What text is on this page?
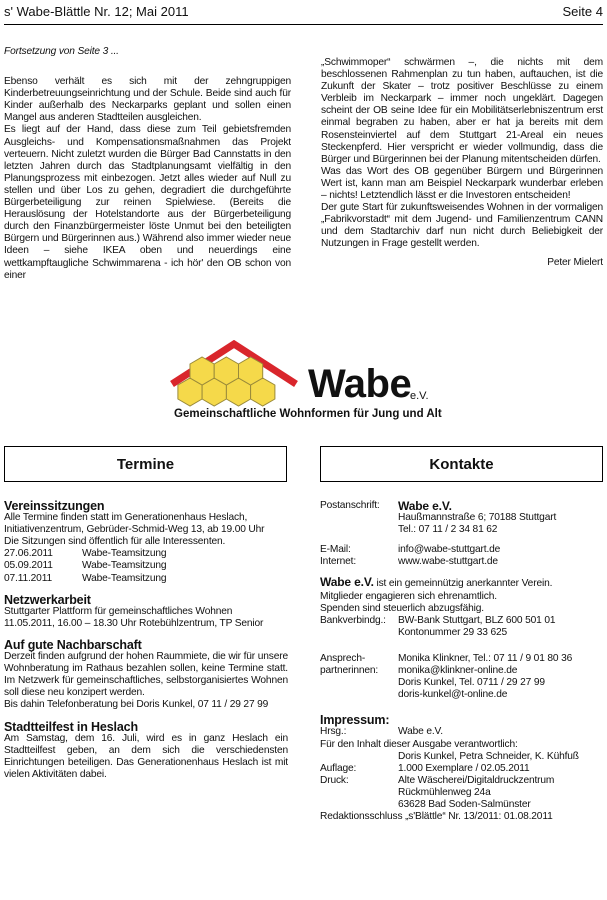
s' Wabe-Blättle Nr. 12; Mai 2011	Seite 4

Fortsetzung von Seite 3 ...

Ebenso verhält es sich mit der zehngruppigen Kinderbetreuungseinrichtung und der Schule. Beide sind auch für Kinder außerhalb des Neckarparks geplant und sollen einen Mangel aus anderen Stadtteilen ausgleichen.

Es liegt auf der Hand, dass diese zum Teil gebietsfremden Ausgleichs- und Kompensationsmaßnahmen das Projekt verteuern. Nicht zuletzt wurden die Bürger Bad Cannstatts in den letzten Jahren durch das Stadtplanungsamt vielfältig in den Planungsprozess mit einbezogen. Jetzt alles wieder auf Null zu stellen und über Los zu gehen, degradiert die durchgeführte Bürgerbeteiligung zur reinen Spielwiese. (Bereits die Herauslösung der Hotelstandorte aus der Bürgerbeteiligung durch den Finanzbürgermeister löste Unmut bei den beteiligten Bürgern und Bürgerinnen aus.) Während also immer wieder neue Ideen – siehe IKEA oben und neuerdings eine wettkampftaugliche Schwimmarena - ich hör' den OB schon von einer

„Schwimmoper“ schwärmen –, die nichts mit dem beschlossenen Rahmenplan zu tun haben, auftauchen, ist die Zukunft der Skater – trotz positiver Beschlüsse zu einem Verbleib im Neckarpark – immer noch ungeklärt. Dagegen scheint der OB seine Idee für ein Mobilitätserlebniszentrum erst einmal begraben zu haben, aber er hat ja bereits mit dem Rosensteinviertel auf dem Stuttgart 21-Areal ein neues Steckenpferd. Hier verspricht er wieder vollmundig, dass die Bürger und Bürgerinnen bei der Planung mitentscheiden dürfen.

Was das Wort des OB gegenüber Bürgern und Bürgerinnen Wert ist, kann man am Beispiel Neckarpark wunderbar erleben – nichts! Letztendlich lässt er die Investoren entscheiden!

Der gute Start für zukunftsweisendes Wohnen in der vormaligen „Fabrikvorstadt“ mit dem Jugend- und Familienzentrum CANN und dem Stadtarchiv darf nun nicht durch Beliebigkeit der Nutzungen in Frage gestellt werden.

Peter Mielert

Wabe
e.V.
Gemeinschaftliche Wohnformen für Jung und Alt
Termine	Kontakte

Vereinssitzungen

Alle Termine finden statt im Generationenhaus Heslach, Initiativenzentrum, Gebrüder-Schmid-Weg 13, ab 19.00 Uhr

Die Sitzungen sind öffentlich für alle Interessenten.

27.06.2011	Wabe-Teamsitzung
05.09.2011	Wabe-Teamsitzung
07.11.2011	Wabe-Teamsitzung

Netzwerkarbeit

Stuttgarter Plattform für gemeinschaftliches Wohnen

11.05.2011, 16.00 – 18.30 Uhr Rotebühlzentrum, TP Senior

Auf gute Nachbarschaft

Derzeit finden aufgrund der hohen Raummiete, die wir für unsere Wohnberatung im Rathaus bezahlen sollen, keine Termine statt. Im Netzwerk für gemeinschaftliches, selbstorganisiertes Wohnen soll diese neu konzipert werden.

Bis dahin Telefonberatung bei Doris Kunkel, 07 11 / 29 27 99

Stadtteilfest in Heslach

Am Samstag, dem 16. Juli, wird es in ganz Heslach ein Stadtteilfest geben, an dem sich die verschiedensten Einrichtungen beteiligen. Das Generationenhaus Heslach ist mit vielen Aktivitäten dabei.

Postanschrift:	Wabe e.V.
Haußmannstraße 6; 70188 Stuttgart
Tel.: 07 11 / 2 34 81 62
E-Mail:	info@wabe-stuttgart.de
Internet:	www.wabe-stuttgart.de

Wabe e.V. ist ein gemeinnützig anerkannter Verein.

Mitglieder engagieren sich ehrenamtlich.

Spenden sind steuerlich abzugsfähig.

Bankverbindg.:	BW-Bank Stuttgart, BLZ 600 501 01
Kontonummer 29 33 625
Ansprech-	Monika Klinkner, Tel.: 07 11 / 9 01 80 36
partnerinnen:	monika@klinkner-online.de
Doris Kunkel, Tel. 0711 / 29 27 99
doris-kunkel@t-online.de

Impressum:

Hrsg.:	Wabe e.V.

Für den Inhalt dieser Ausgabe verantwortlich:

Doris Kunkel, Petra Schneider, K. Kühfuß
Auflage:	1.000 Exemplare / 02.05.2011
Druck:	Alte Wäscherei/Digitaldruckzentrum
Rückmühlenweg 24a
63628 Bad Soden-Salmünster

Redaktionsschluss „s'Blättle“ Nr. 13/2011: 01.08.2011
